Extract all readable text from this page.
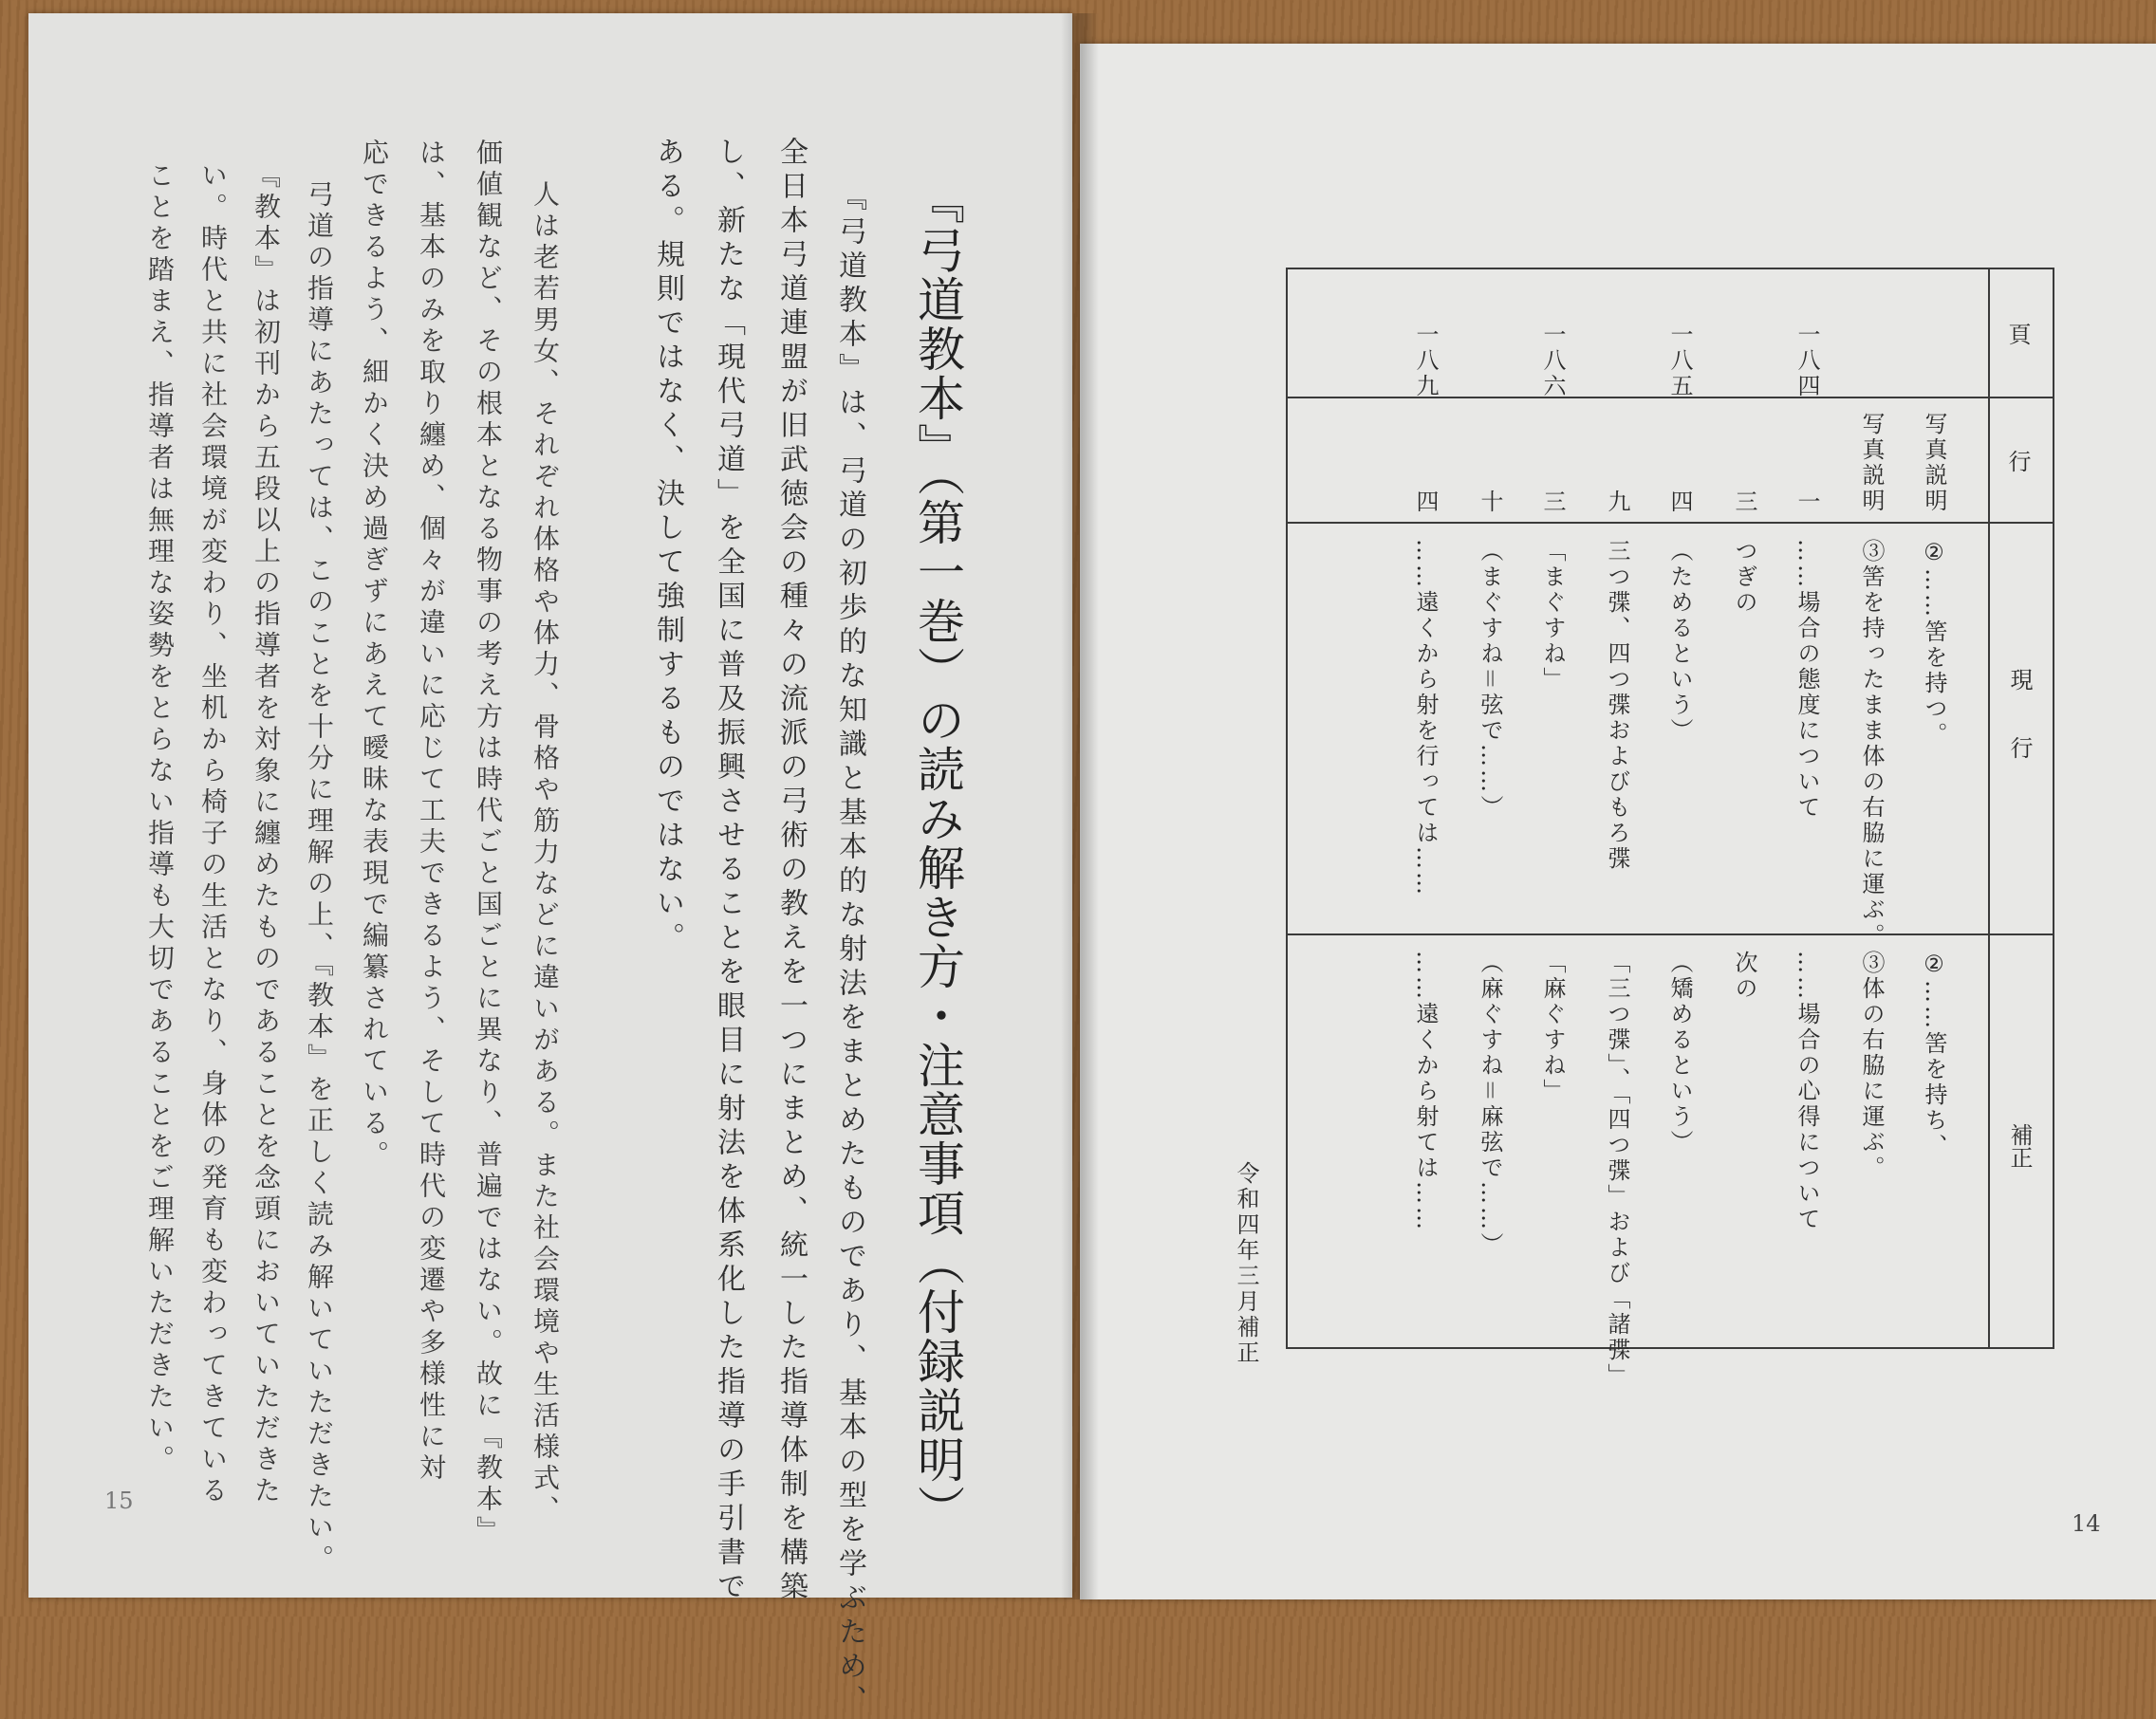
『弓道教本』（第一巻）の読み解き方・注意事項（付録説明）
『弓道教本』は、弓道の初歩的な知識と基本的な射法をまとめたものであり、基本の型を学ぶため、
全日本弓道連盟が旧武徳会の種々の流派の弓術の教えを一つにまとめ、統一した指導体制を構築
し、新たな「現代弓道」を全国に普及振興させることを眼目に射法を体系化した指導の手引書で
ある。規則ではなく、決して強制するものではない。
人は老若男女、それぞれ体格や体力、骨格や筋力などに違いがある。また社会環境や生活様式、
価値観など、その根本となる物事の考え方は時代ごと国ごとに異なり、普遍ではない。故に『教本』
は、基本のみを取り纏め、個々が違いに応じて工夫できるよう、そして時代の変遷や多様性に対
応できるよう、細かく決め過ぎずにあえて曖昧な表現で編纂されている。
弓道の指導にあたっては、このことを十分に理解の上、『教本』を正しく読み解いていただきたい。
『教本』は初刊から五段以上の指導者を対象に纏めたものであることを念頭においていただきた
い。時代と共に社会環境が変わり、坐机から椅子の生活となり、身体の発育も変わってきている
ことを踏まえ、指導者は無理な姿勢をとらない指導も大切であることをご理解いただきたい。
15
頁
行
現　　行
補正
一八四
一八五
一八六
一八九
写真説明
写真説明
一
三
四
九
三
十
四
②……筈を持つ。
③筈を持ったまま体の右脇に運ぶ。
……場合の態度について
つぎの
（ためるという）
三つ弽、四つ弽およびもろ弽
「まぐすね」
（まぐすね＝弦で……）
……遠くから射を行っては……
②……筈を持ち、
③体の右脇に運ぶ。
……場合の心得について
次の
（矯めるという）
「三つ弽」、「四つ弽」および「諸弽」
「麻ぐすね」
（麻ぐすね＝麻弦で……）
……遠くから射ては……
令和四年三月補正
14
